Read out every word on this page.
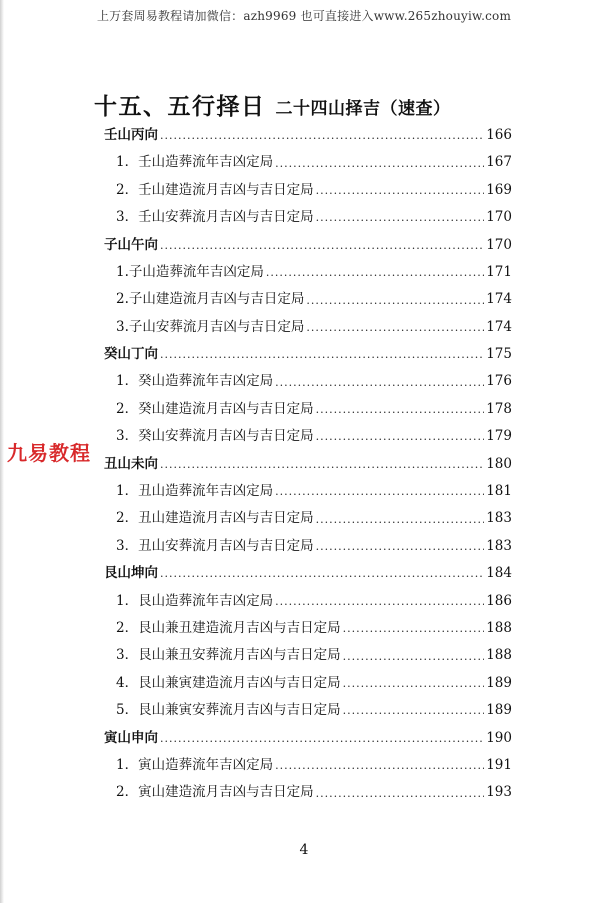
上万套周易教程请加微信：azh9969 也可直接进入www.265zhouyiw.com
十五、五行择日 二十四山择吉（速查）
壬山丙向 .....	166
1．壬山造葬流年吉凶定局 .....	167
2．壬山建造流月吉凶与吉日定局 .....	169
3．壬山安葬流月吉凶与吉日定局 .....	170
子山午向 .....	170
1.子山造葬流年吉凶定局 .....	171
2.子山建造流月吉凶与吉日定局 .....	174
3.子山安葬流月吉凶与吉日定局 .....	174
癸山丁向 .....	175
1．癸山造葬流年吉凶定局 .....	176
2．癸山建造流月吉凶与吉日定局 .....	178
3．癸山安葬流月吉凶与吉日定局 .....	179
丑山未向 .....	180
1．丑山造葬流年吉凶定局 .....	181
2．丑山建造流月吉凶与吉日定局 .....	183
3．丑山安葬流月吉凶与吉日定局 .....	183
艮山坤向 .....	184
1．艮山造葬流年吉凶定局 .....	186
2．艮山兼丑建造流月吉凶与吉日定局 .....	188
3．艮山兼丑安葬流月吉凶与吉日定局 .....	188
4．艮山兼寅建造流月吉凶与吉日定局 .....	189
5．艮山兼寅安葬流月吉凶与吉日定局 .....	189
寅山申向 .....	190
1．寅山造葬流年吉凶定局 .....	191
2．寅山建造流月吉凶与吉日定局 .....	193
九易教程
4
